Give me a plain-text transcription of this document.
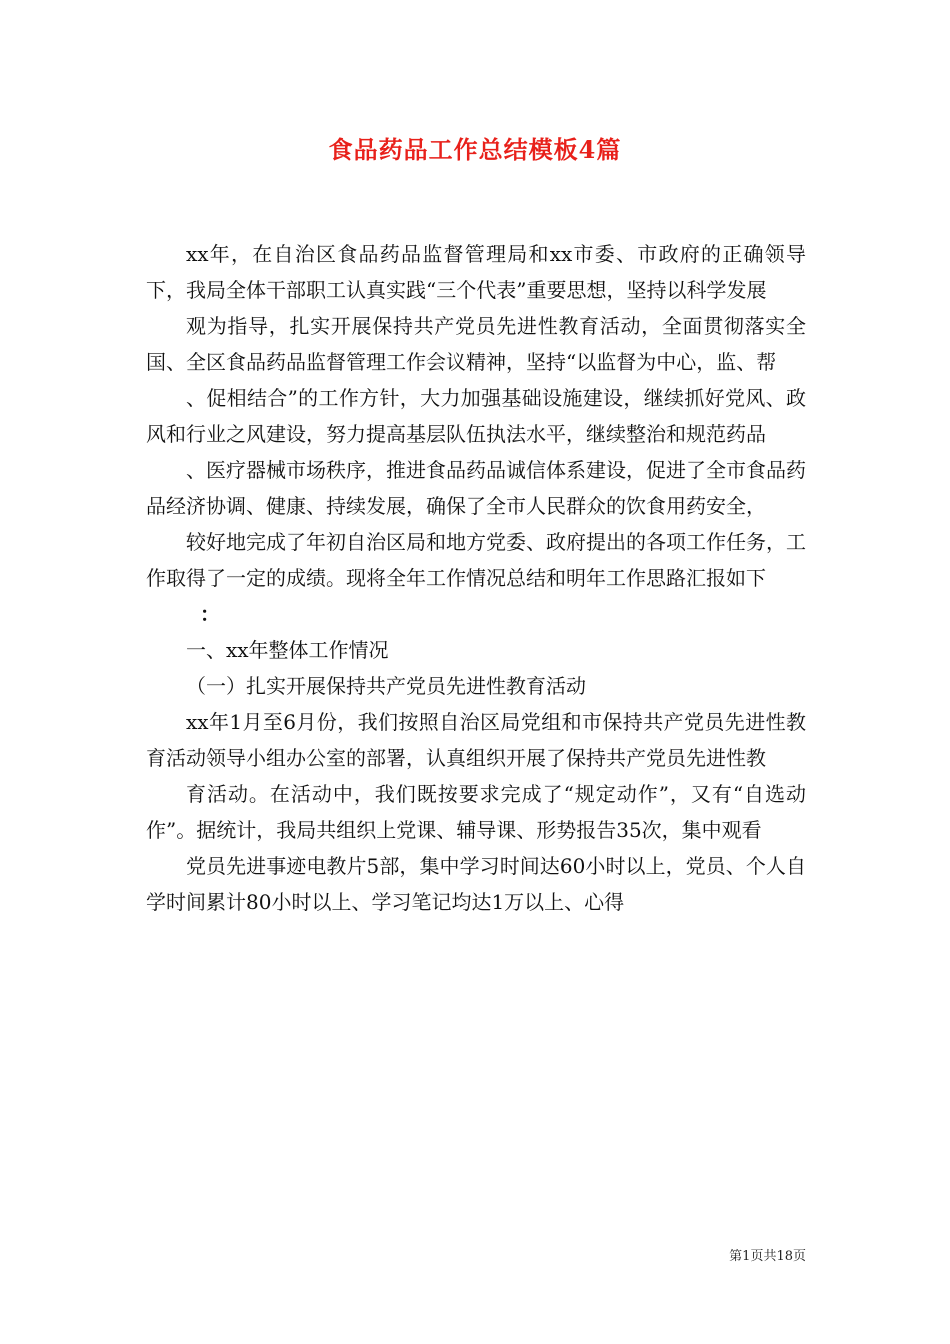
食品药品工作总结模板4篇

xx年，在自治区食品药品监督管理局和xx市委、市政府的正确领导下，我局全体干部职工认真实践“三个代表”重要思想，坚持以科学发展

观为指导，扎实开展保持共产党员先进性教育活动，全面贯彻落实全国、全区食品药品监督管理工作会议精神，坚持“以监督为中心，监、帮

、促相结合”的工作方针，大力加强基础设施建设，继续抓好党风、政风和行业之风建设，努力提高基层队伍执法水平，继续整治和规范药品

、医疗器械市场秩序，推进食品药品诚信体系建设，促进了全市食品药品经济协调、健康、持续发展，确保了全市人民群众的饮食用药安全，

较好地完成了年初自治区局和地方党委、政府提出的各项工作任务，工作取得了一定的成绩。现将全年工作情况总结和明年工作思路汇报如下

：

一、xx年整体工作情况

（一）扎实开展保持共产党员先进性教育活动

xx年1月至6月份，我们按照自治区局党组和市保持共产党员先进性教育活动领导小组办公室的部署，认真组织开展了保持共产党员先进性教

育活动。在活动中，我们既按要求完成了“规定动作”，又有“自选动作”。据统计，我局共组织上党课、辅导课、形势报告35次，集中观看

党员先进事迹电教片5部，集中学习时间达60小时以上，党员、个人自学时间累计80小时以上、学习笔记均达1万以上、心得

第1页共18页
